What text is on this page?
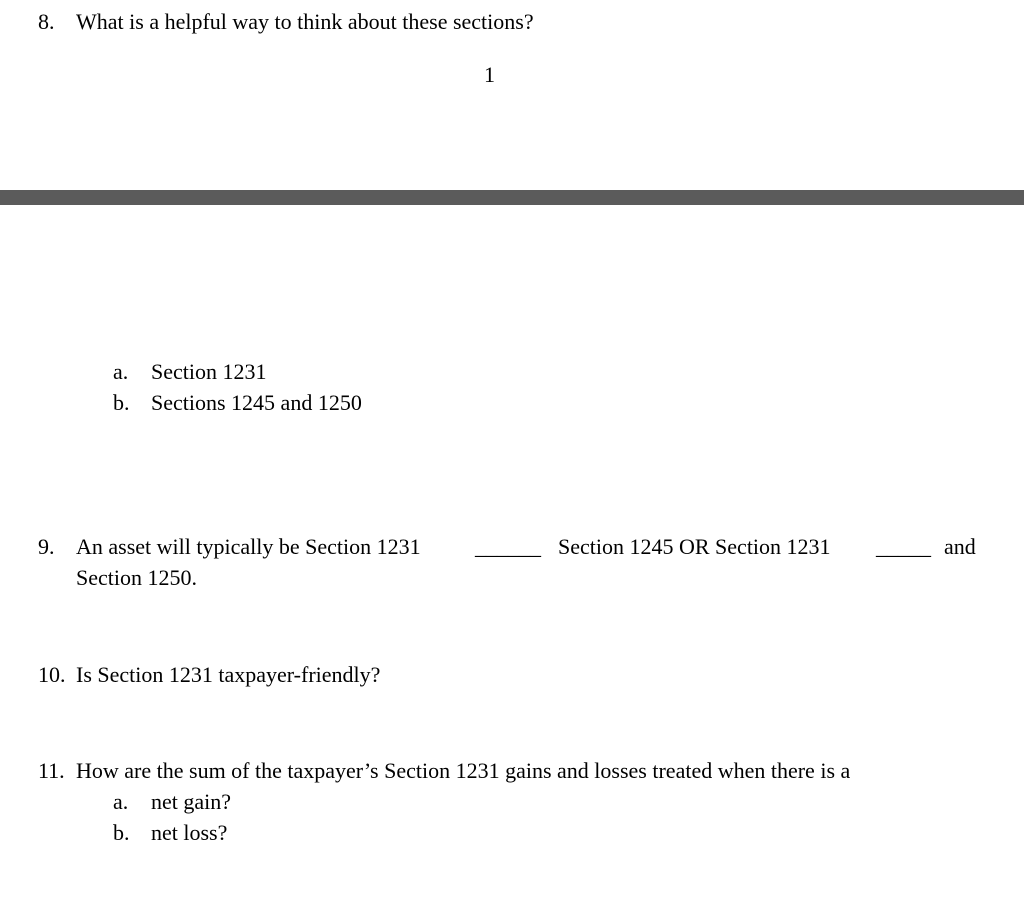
8. What is a helpful way to think about these sections?
1
a. Section 1231
b. Sections 1245 and 1250
9. An asset will typically be Section 1231 ______ Section 1245 OR Section 1231 _____ and
Section 1250.
10. Is Section 1231 taxpayer-friendly?
11. How are the sum of the taxpayer’s Section 1231 gains and losses treated when there is a
a. net gain?
b. net loss?
